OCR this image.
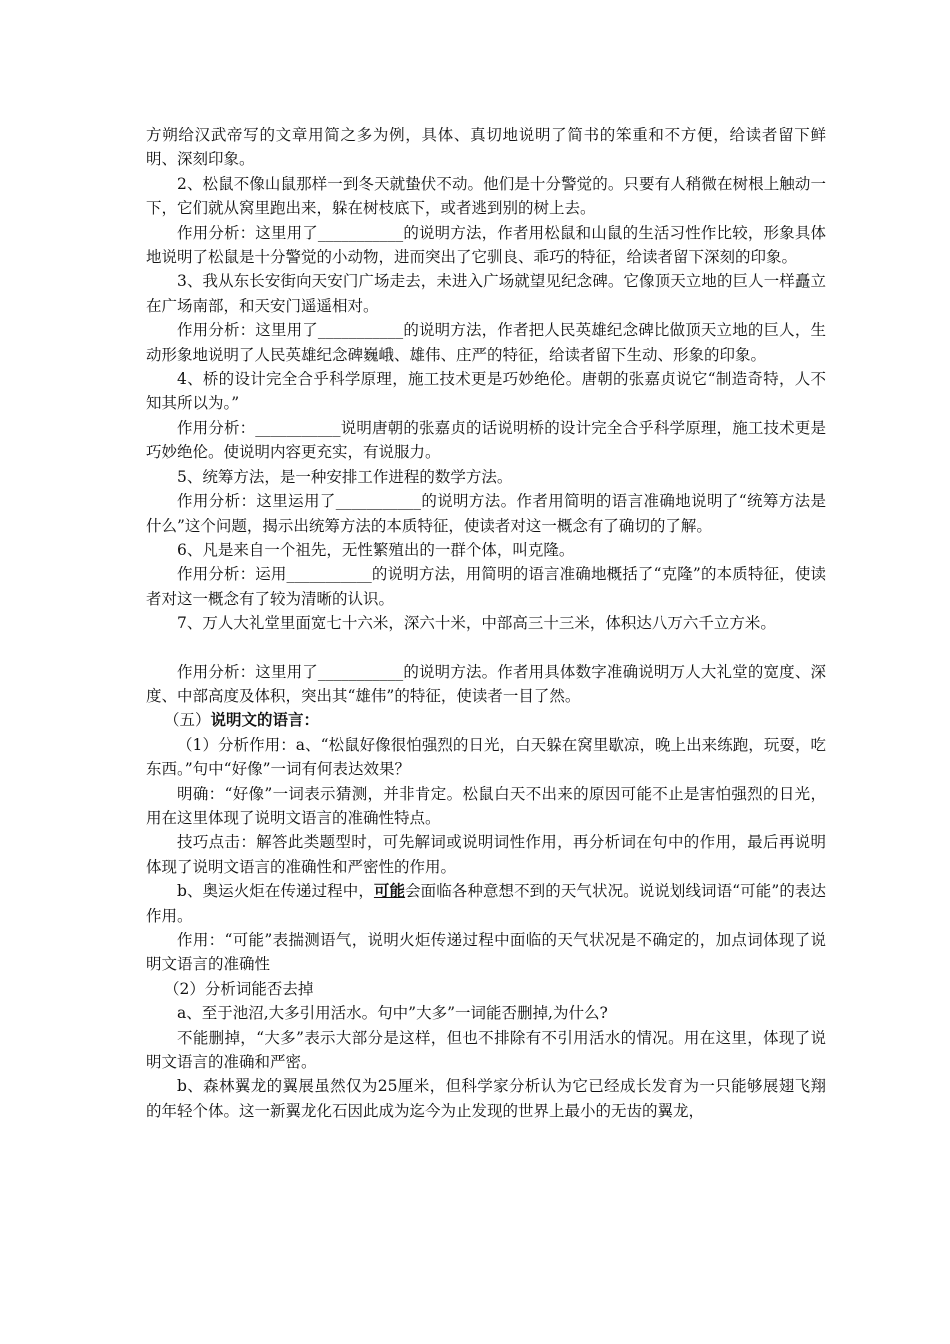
方朔给汉武帝写的文章用简之多为例，具体、真切地说明了简书的笨重和不方便，给读者留下鲜明、深刻印象。

2、松鼠不像山鼠那样一到冬天就蛰伏不动。他们是十分警觉的。只要有人稍微在树根上触动一下，它们就从窝里跑出来，躲在树枝底下，或者逃到别的树上去。

作用分析：这里用了___________的说明方法，作者用松鼠和山鼠的生活习性作比较，形象具体地说明了松鼠是十分警觉的小动物，进而突出了它驯良、乖巧的特征，给读者留下深刻的印象。

3、我从东长安街向天安门广场走去，未进入广场就望见纪念碑。它像顶天立地的巨人一样矗立在广场南部，和天安门遥遥相对。

作用分析：这里用了___________的说明方法，作者把人民英雄纪念碑比做顶天立地的巨人，生动形象地说明了人民英雄纪念碑巍峨、雄伟、庄严的特征，给读者留下生动、形象的印象。

4、桥的设计完全合乎科学原理，施工技术更是巧妙绝伦。唐朝的张嘉贞说它“制造奇特，人不知其所以为。”

作用分析：___________说明唐朝的张嘉贞的话说明桥的设计完全合乎科学原理，施工技术更是巧妙绝伦。使说明内容更充实，有说服力。

5、统筹方法，是一种安排工作进程的数学方法。

作用分析：这里运用了___________的说明方法。作者用简明的语言准确地说明了“统筹方法是什么”这个问题，揭示出统筹方法的本质特征，使读者对这一概念有了确切的了解。

6、凡是来自一个祖先，无性繁殖出的一群个体，叫克隆。

作用分析：运用___________的说明方法，用简明的语言准确地概括了“克隆”的本质特征，使读者对这一概念有了较为清晰的认识。

7、万人大礼堂里面宽七十六米，深六十米，中部高三十三米，体积达八万六千立方米。

作用分析：这里用了___________的说明方法。作者用具体数字准确说明万人大礼堂的宽度、深度、中部高度及体积，突出其“雄伟”的特征，使读者一目了然。

（五）说明文的语言：

（1）分析作用：a、“松鼠好像很怕强烈的日光，白天躲在窝里歇凉，晚上出来练跑，玩耍，吃东西。”句中“好像”一词有何表达效果？

明确：“好像”一词表示猜测，并非肯定。松鼠白天不出来的原因可能不止是害怕强烈的日光，用在这里体现了说明文语言的准确性特点。

技巧点击：解答此类题型时，可先解词或说明词性作用，再分析词在句中的作用，最后再说明体现了说明文语言的准确性和严密性的作用。

b、奥运火炬在传递过程中，可能会面临各种意想不到的天气状况。说说划线词语“可能”的表达作用。

作用：“可能”表揣测语气，说明火炬传递过程中面临的天气状况是不确定的，加点词体现了说明文语言的准确性

（2）分析词能否去掉

a、至于池沼,大多引用活水。句中”大多”一词能否删掉,为什么?

不能删掉，“大多”表示大部分是这样，但也不排除有不引用活水的情况。用在这里，体现了说明文语言的准确和严密。

b、森林翼龙的翼展虽然仅为25厘米，但科学家分析认为它已经成长发育为一只能够展翅飞翔的年轻个体。这一新翼龙化石因此成为迄今为止发现的世界上最小的无齿的翼龙，
